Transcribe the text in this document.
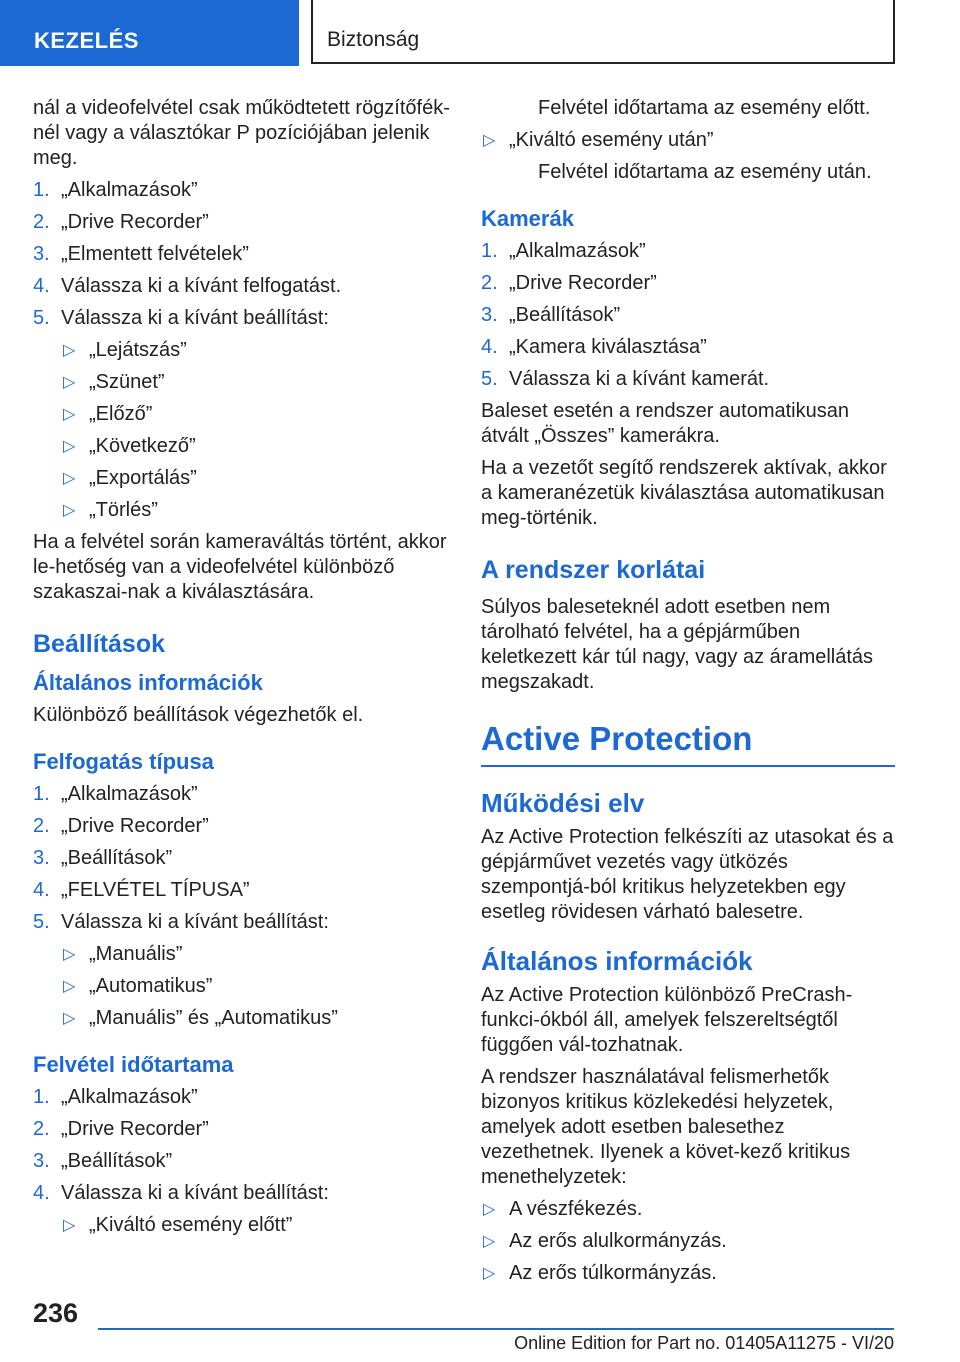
KEZELÉS	Biztonság

nál a videofelvétel csak működtetett rögzítőfék-nél vagy a választókar P pozíciójában jelenik meg.

1. „Alkalmazások”
2. „Drive Recorder”
3. „Elmentett felvételek”
4. Válassza ki a kívánt felfogatást.
5. Válassza ki a kívánt beállítást:
▷ „Lejátszás”
▷ „Szünet”
▷ „Előző”
▷ „Következő”
▷ „Exportálás”
▷ „Törlés”

Ha a felvétel során kameraváltás történt, akkor le-hetőség van a videofelvétel különböző szakaszai-nak a kiválasztására.

Beállítások
Általános információk

Különböző beállítások végezhetők el.

Felfogatás típusa
1. „Alkalmazások”
2. „Drive Recorder”
3. „Beállítások”
4. „FELVÉTEL TÍPUSA”
5. Válassza ki a kívánt beállítást:
▷ „Manuális”
▷ „Automatikus”
▷ „Manuális” és „Automatikus”
Felvétel időtartama
1. „Alkalmazások”
2. „Drive Recorder”
3. „Beállítások”
4. Válassza ki a kívánt beállítást:
▷ „Kiváltó esemény előtt”

Felvétel időtartama az esemény előtt.

▷ „Kiváltó esemény után”

Felvétel időtartama az esemény után.

Kamerák
1. „Alkalmazások”
2. „Drive Recorder”
3. „Beállítások”
4. „Kamera kiválasztása”
5. Válassza ki a kívánt kamerát.

Baleset esetén a rendszer automatikusan átvált „Összes” kamerákra.

Ha a vezetőt segítő rendszerek aktívak, akkor a kameranézetük kiválasztása automatikusan meg-történik.

A rendszer korlátai

Súlyos baleseteknél adott esetben nem tárolható felvétel, ha a gépjárműben keletkezett kár túl nagy, vagy az áramellátás megszakadt.

Active Protection
Működési elv

Az Active Protection felkészíti az utasokat és a gépjárművet vezetés vagy ütközés szempontjá-ból kritikus helyzetekben egy esetleg rövidesen várható balesetre.

Általános információk

Az Active Protection különböző PreCrash-funkci-ókból áll, amelyek felszereltségtől függően vál-tozhatnak.

A rendszer használatával felismerhetők bizonyos kritikus közlekedési helyzetek, amelyek adott esetben balesethez vezethetnek. Ilyenek a követ-kező kritikus menethelyzetek:

▷ A vészfékezés.
▷ Az erős alulkormányzás.
▷ Az erős túlkormányzás.
236
Online Edition for Part no. 01405A11275 - VI/20
